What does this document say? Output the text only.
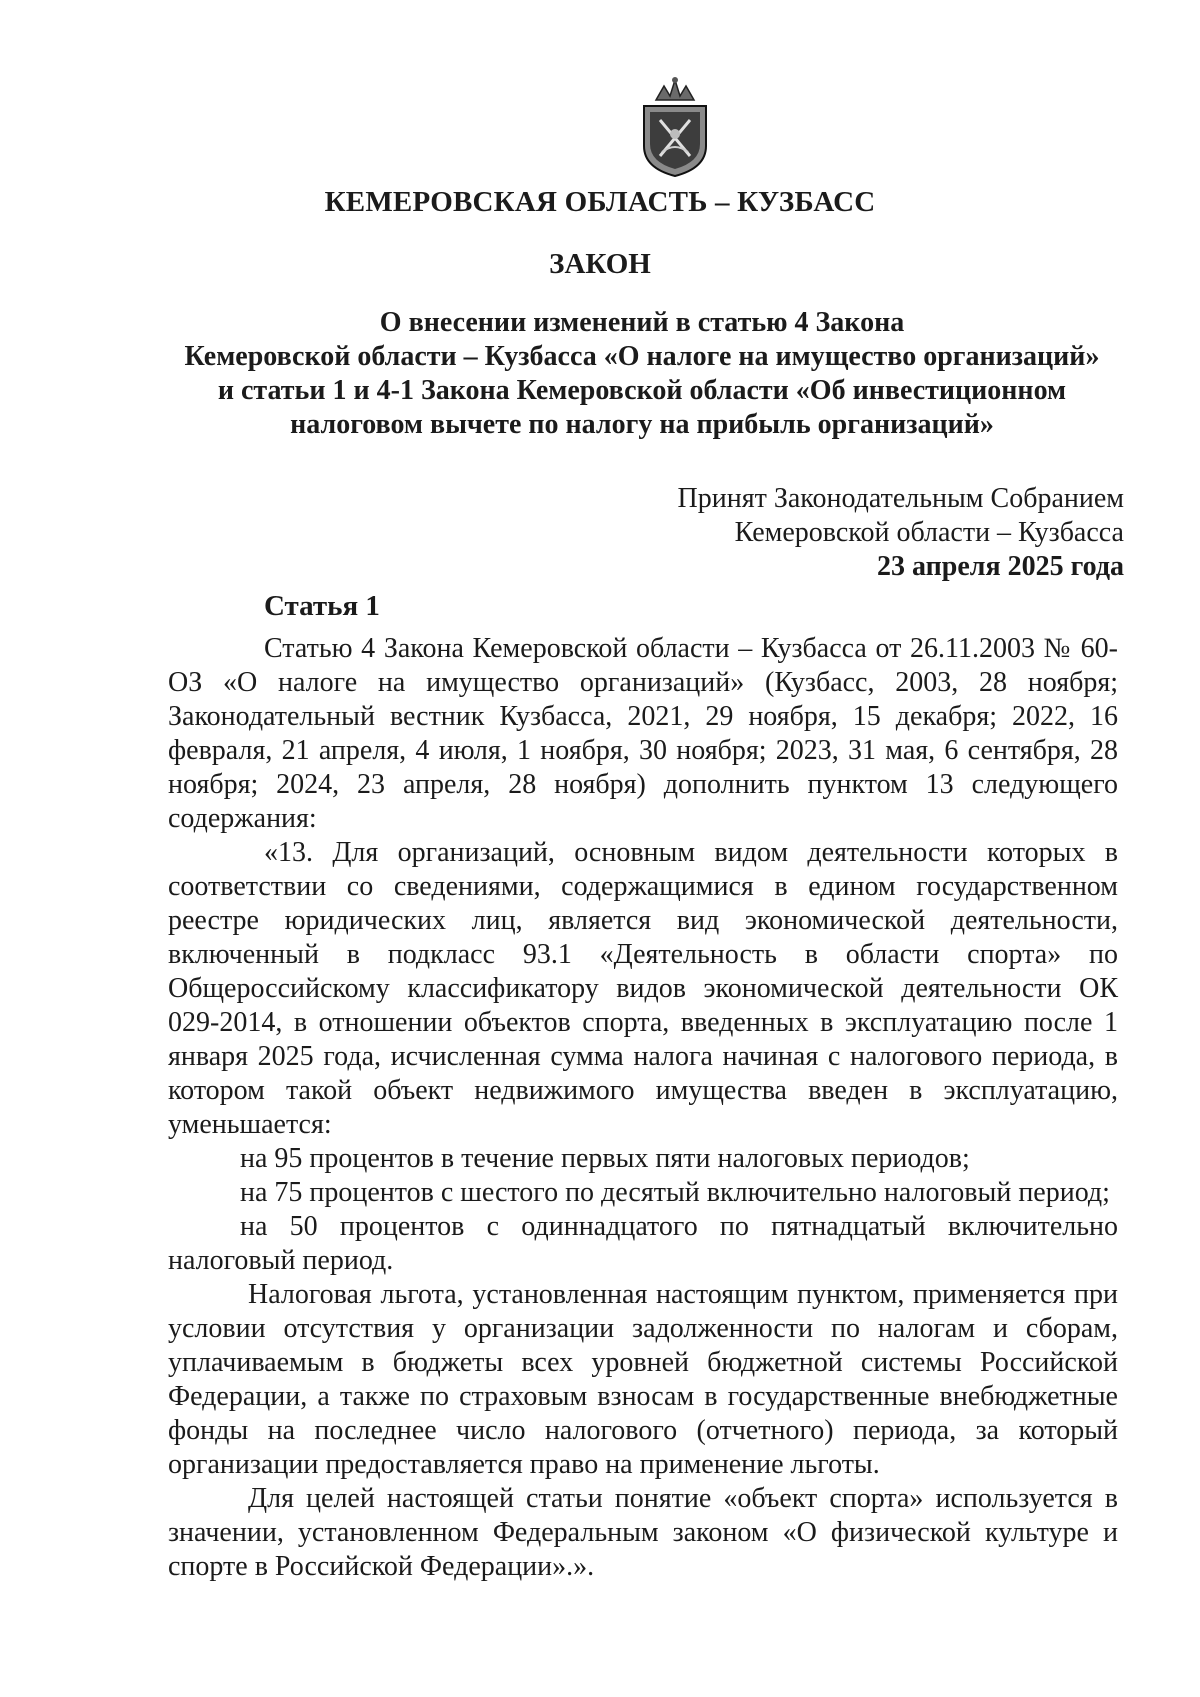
КЕМЕРОВСКАЯ ОБЛАСТЬ – КУЗБАСС
ЗАКОН
О внесении изменений в статью 4 Закона
Кемеровской области – Кузбасса «О налоге на имущество организаций»
и статьи 1 и 4-1 Закона Кемеровской области «Об инвестиционном
налоговом вычете по налогу на прибыль организаций»
Принят Законодательным Собранием
Кемеровской области – Кузбасса
23 апреля 2025 года
Статья 1

Статью 4 Закона Кемеровской области – Кузбасса от 26.11.2003 № 60-ОЗ «О налоге на имущество организаций» (Кузбасс, 2003, 28 ноября; Законодательный вестник Кузбасса, 2021, 29 ноября, 15 декабря; 2022, 16 февраля, 21 апреля, 4 июля, 1 ноября, 30 ноября; 2023, 31 мая, 6 сентября, 28 ноября; 2024, 23 апреля, 28 ноября) дополнить пунктом 13 следующего содержания:

«13. Для организаций, основным видом деятельности которых в соответствии со сведениями, содержащимися в едином государственном реестре юридических лиц, является вид экономической деятельности, включенный в подкласс 93.1 «Деятельность в области спорта» по Общероссийскому классификатору видов экономической деятельности ОК 029-2014, в отношении объектов спорта, введенных в эксплуатацию после 1 января 2025 года, исчисленная сумма налога начиная с налогового периода, в котором такой объект недвижимого имущества введен в эксплуатацию, уменьшается:

на 95 процентов в течение первых пяти налоговых периодов;

на 75 процентов с шестого по десятый включительно налоговый период;

на 50 процентов с одиннадцатого по пятнадцатый включительно налоговый период.

Налоговая льгота, установленная настоящим пунктом, применяется при условии отсутствия у организации задолженности по налогам и сборам, уплачиваемым в бюджеты всех уровней бюджетной системы Российской Федерации, а также по страховым взносам в государственные внебюджетные фонды на последнее число налогового (отчетного) периода, за который организации предоставляется право на применение льготы.

Для целей настоящей статьи понятие «объект спорта» используется в значении, установленном Федеральным законом «О физической культуре и спорте в Российской Федерации».».
